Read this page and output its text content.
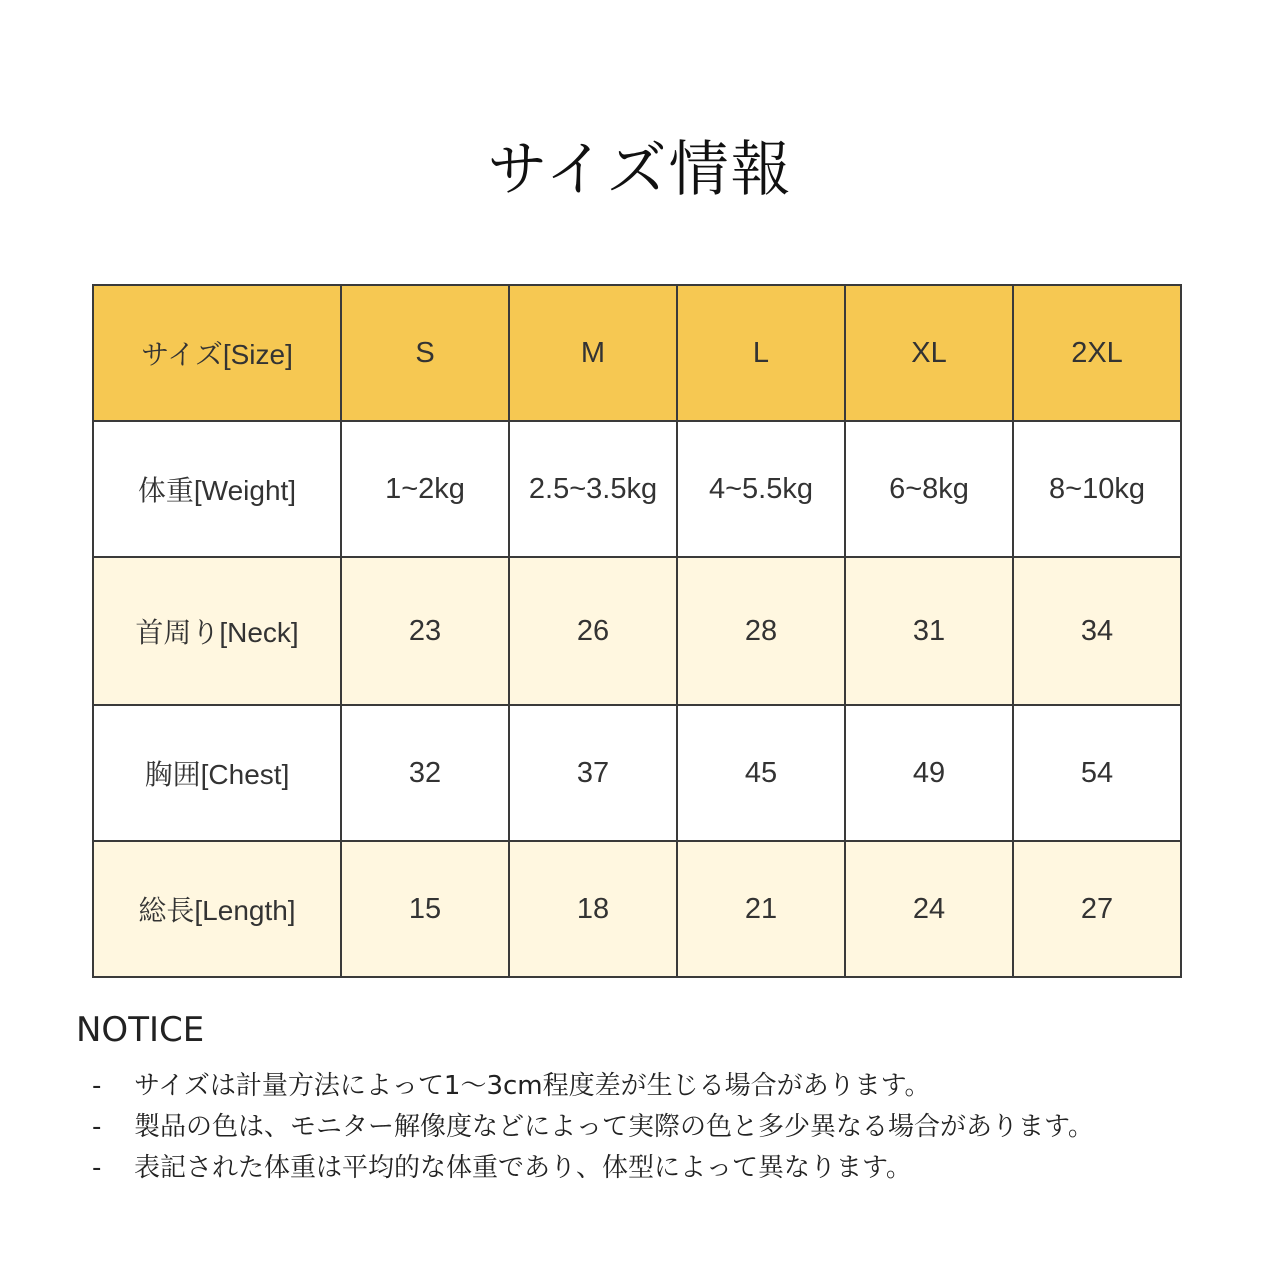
サイズ情報
サイズ[Size]	S	M	L	XL	2XL
体重[Weight]	1~2kg	2.5~3.5kg	4~5.5kg	6~8kg	8~10kg
首周り[Neck]	23	26	28	31	34
胸囲[Chest]	32	37	45	49	54
総長[Length]	15	18	21	24	27
NOTICE
-	サイズは計量方法によって1～3cm程度差が生じる場合があります。
-	製品の色は、モニター解像度などによって実際の色と多少異なる場合があります。
-	表記された体重は平均的な体重であり、体型によって異なります。
